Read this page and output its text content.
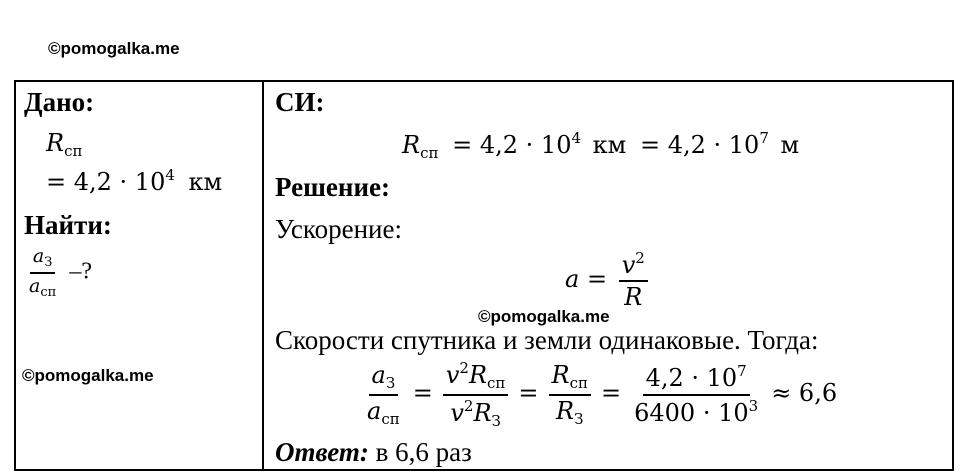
©pomogalka.me
Дано:
$R_{сп}$
= $4,2 \cdot 10^4$ км
Найти:
$\frac{a_З}{a_{сп}}$ –?
©pomogalka.me
СИ:
$R_{сп} = 4,2 \cdot 10^4$ км = $4,2 \cdot 10^7$ м
Решение:
Ускорение:
$a = \frac{v^2}{R}$
©pomogalka.me
Скорости спутника и земли одинаковые. Тогда:
$\frac{a_З}{a_{сп}} = \frac{v^2R_{сп}}{v^2R_З} = \frac{R_{сп}}{R_З} = \frac{4,2 \cdot 10^7}{6400 \cdot 10^3} \approx 6,6$
Ответ: в 6,6 раз
